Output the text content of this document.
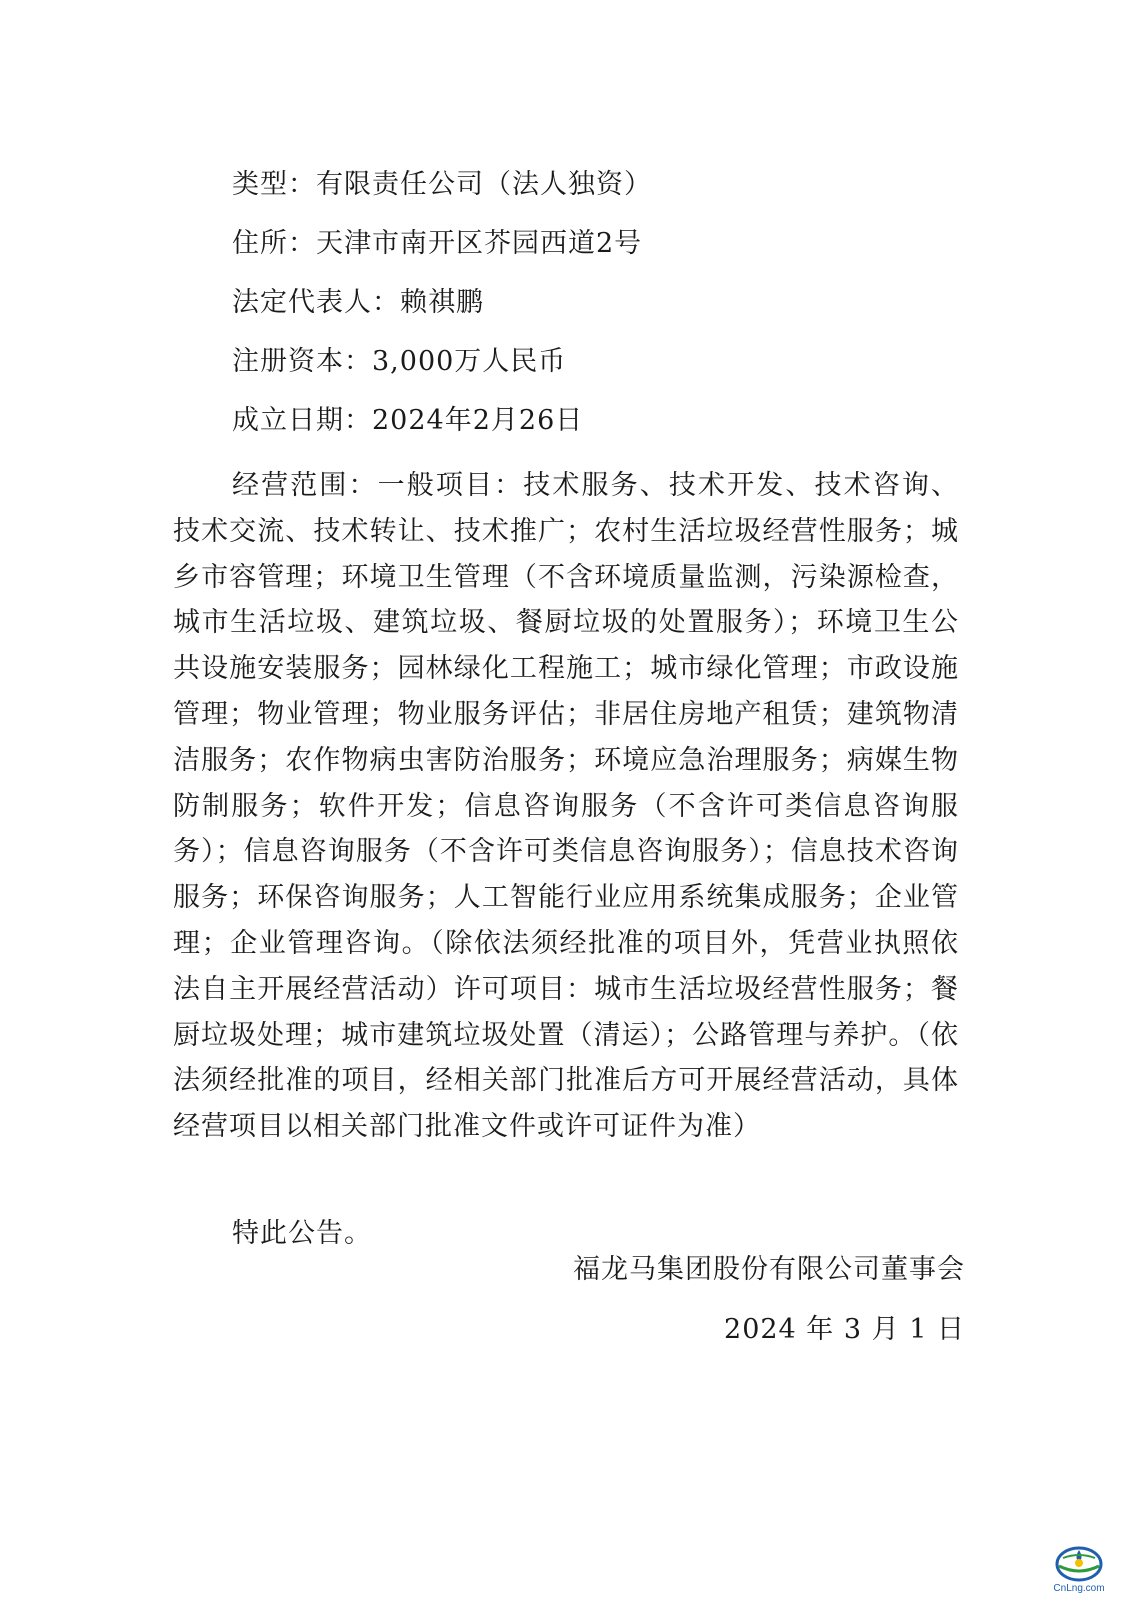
类型：有限责任公司（法人独资）
住所：天津市南开区芥园西道2号
法定代表人：赖祺鹏
注册资本：3,000万人民币
成立日期：2024年2月26日
经营范围：一般项目：技术服务、技术开发、技术咨询、技术交流、技术转让、技术推广；农村生活垃圾经营性服务；城乡市容管理；环境卫生管理（不含环境质量监测，污染源检查，城市生活垃圾、建筑垃圾、餐厨垃圾的处置服务）；环境卫生公共设施安装服务；园林绿化工程施工；城市绿化管理；市政设施管理；物业管理；物业服务评估；非居住房地产租赁；建筑物清洁服务；农作物病虫害防治服务；环境应急治理服务；病媒生物防制服务；软件开发；信息咨询服务（不含许可类信息咨询服务）；信息咨询服务（不含许可类信息咨询服务）；信息技术咨询服务；环保咨询服务；人工智能行业应用系统集成服务；企业管理；企业管理咨询。（除依法须经批准的项目外，凭营业执照依法自主开展经营活动）许可项目：城市生活垃圾经营性服务；餐厨垃圾处理；城市建筑垃圾处置（清运）；公路管理与养护。（依法须经批准的项目，经相关部门批准后方可开展经营活动，具体经营项目以相关部门批准文件或许可证件为准）
特此公告。
福龙马集团股份有限公司董事会
2024 年 3 月 1 日
CnLng.com
